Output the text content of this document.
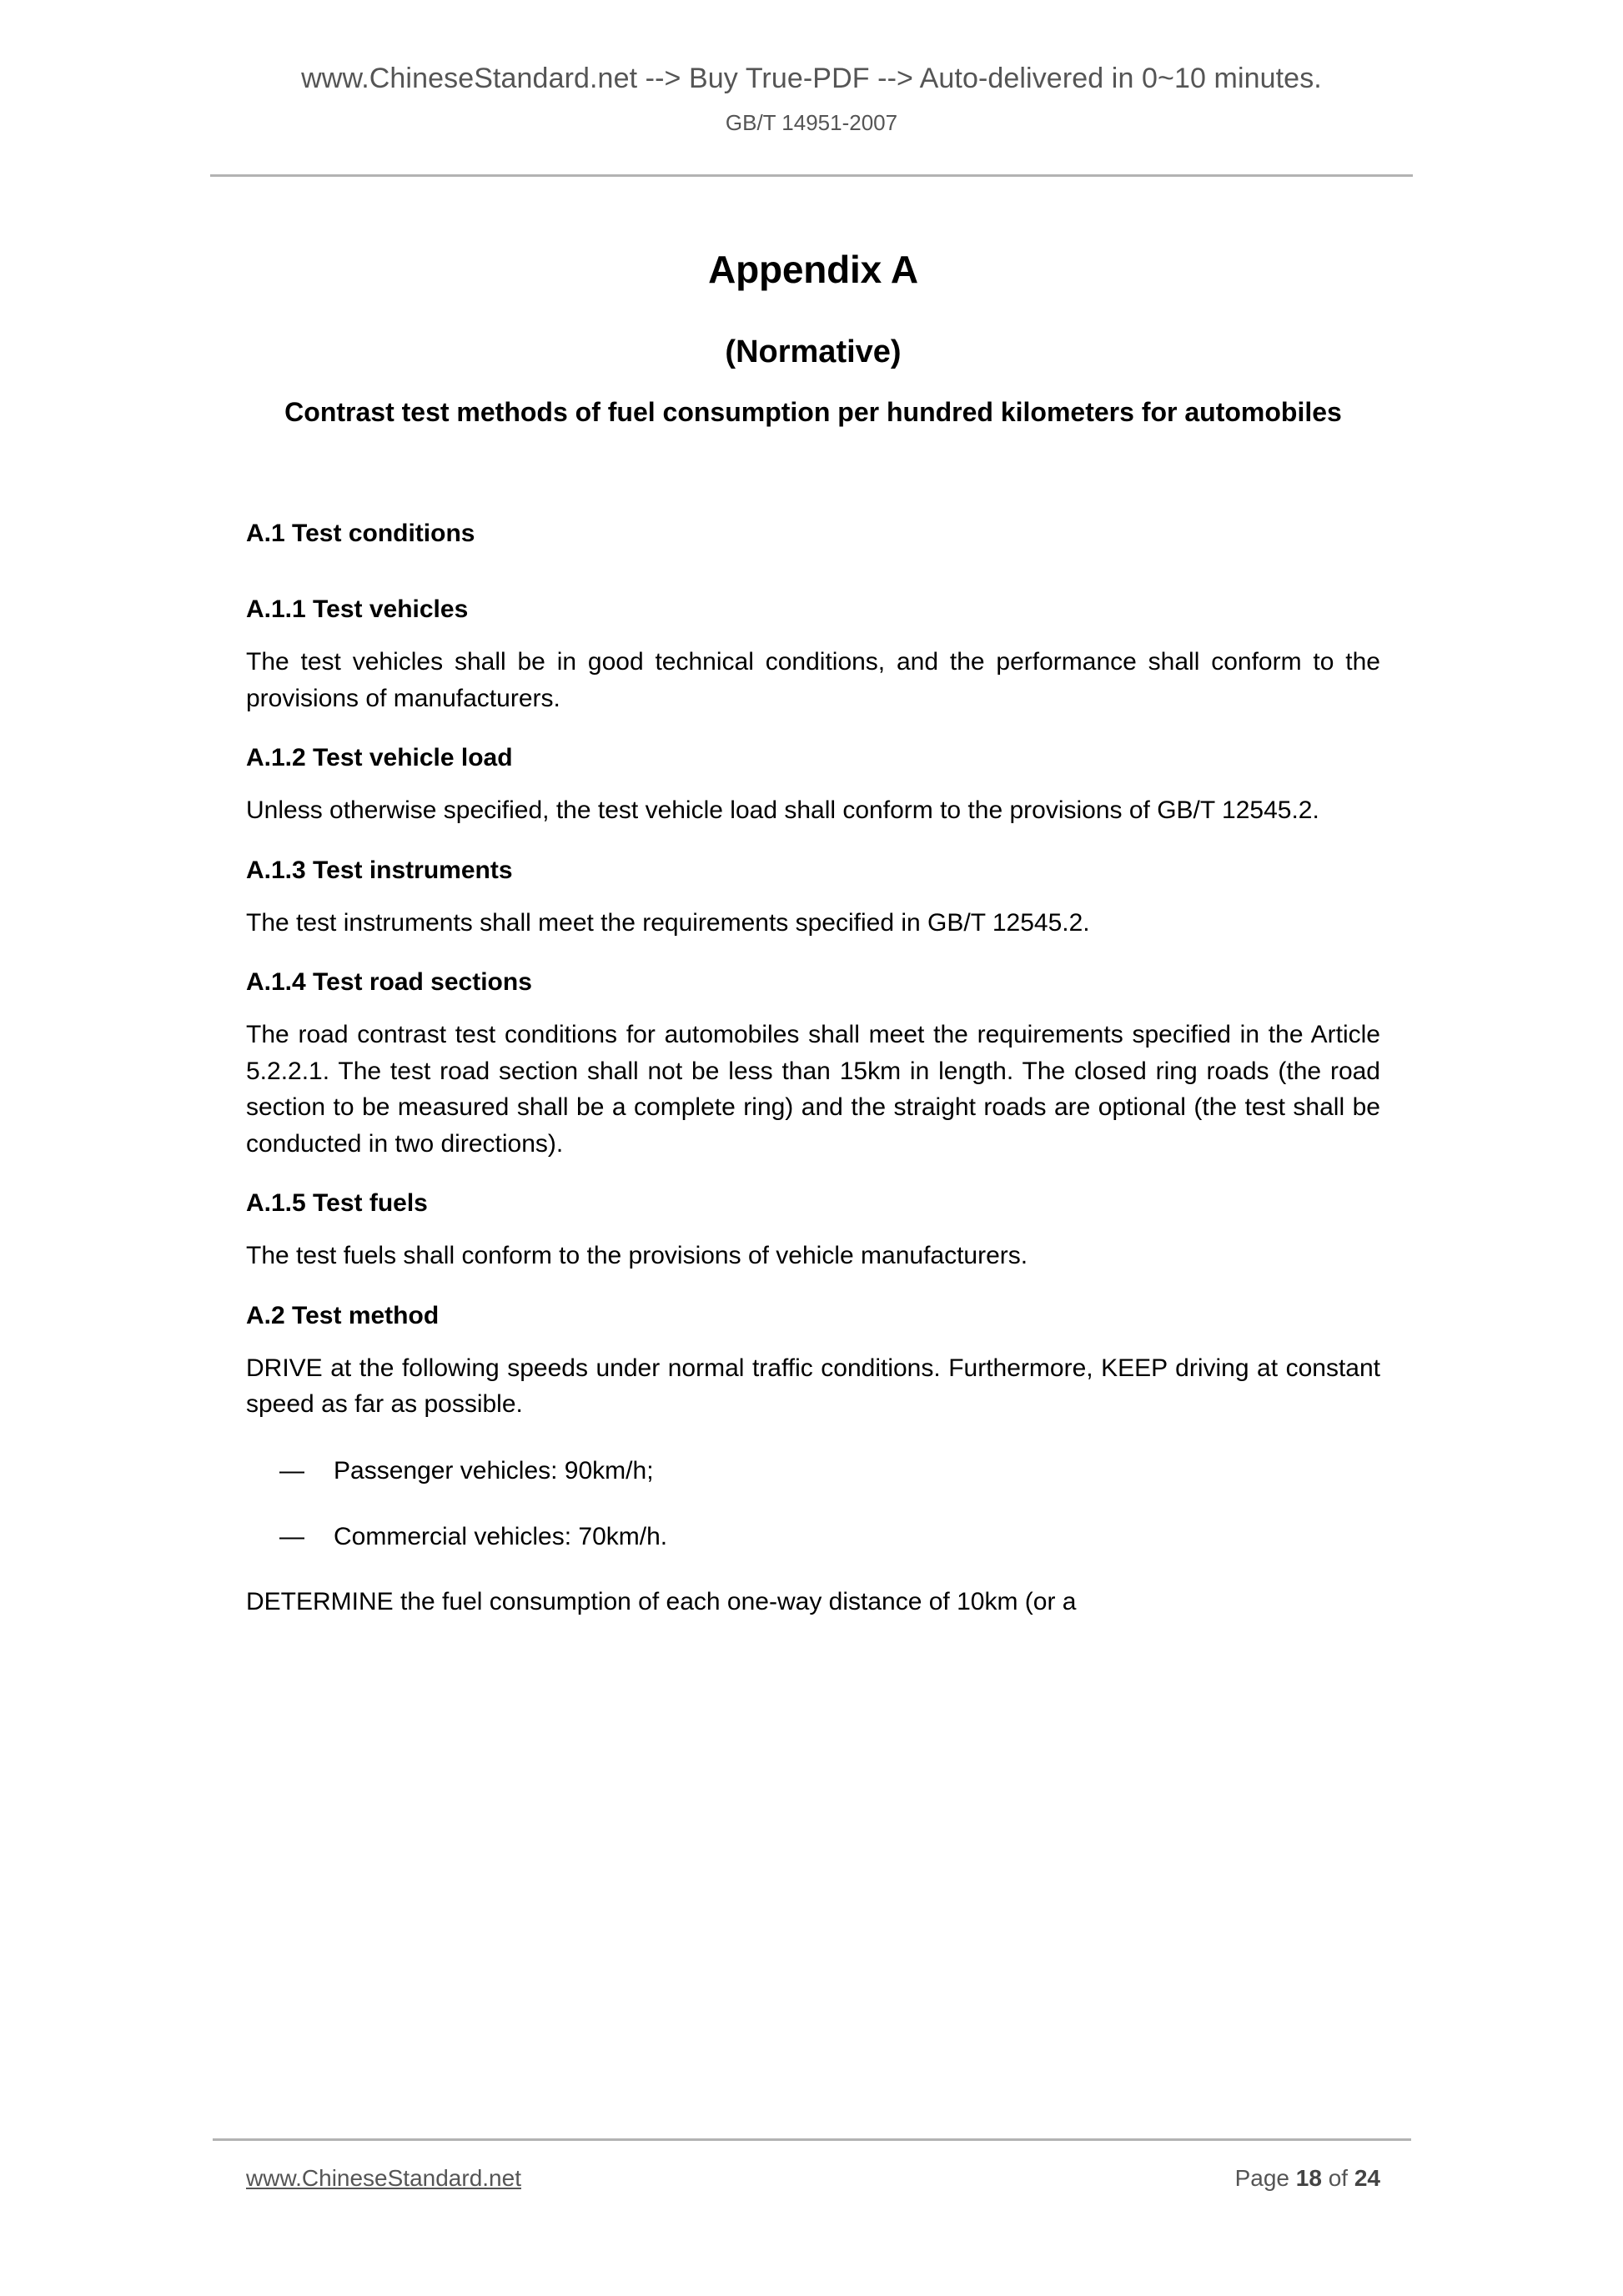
www.ChineseStandard.net --> Buy True-PDF --> Auto-delivered in 0~10 minutes.
GB/T 14951-2007
Appendix A
(Normative)
Contrast test methods of fuel consumption per hundred kilometers for automobiles
A.1 Test conditions
A.1.1 Test vehicles

The test vehicles shall be in good technical conditions, and the performance shall conform to the provisions of manufacturers.

A.1.2 Test vehicle load

Unless otherwise specified, the test vehicle load shall conform to the provisions of GB/T 12545.2.

A.1.3 Test instruments

The test instruments shall meet the requirements specified in GB/T 12545.2.

A.1.4 Test road sections

The road contrast test conditions for automobiles shall meet the requirements specified in the Article 5.2.2.1. The test road section shall not be less than 15km in length. The closed ring roads (the road section to be measured shall be a complete ring) and the straight roads are optional (the test shall be conducted in two directions).

A.1.5 Test fuels

The test fuels shall conform to the provisions of vehicle manufacturers.

A.2 Test method

DRIVE at the following speeds under normal traffic conditions. Furthermore, KEEP driving at constant speed as far as possible.

— Passenger vehicles: 90km/h;
— Commercial vehicles: 70km/h.

DETERMINE the fuel consumption of each one-way distance of 10km (or a

www.ChineseStandard.net	Page 18 of 24
